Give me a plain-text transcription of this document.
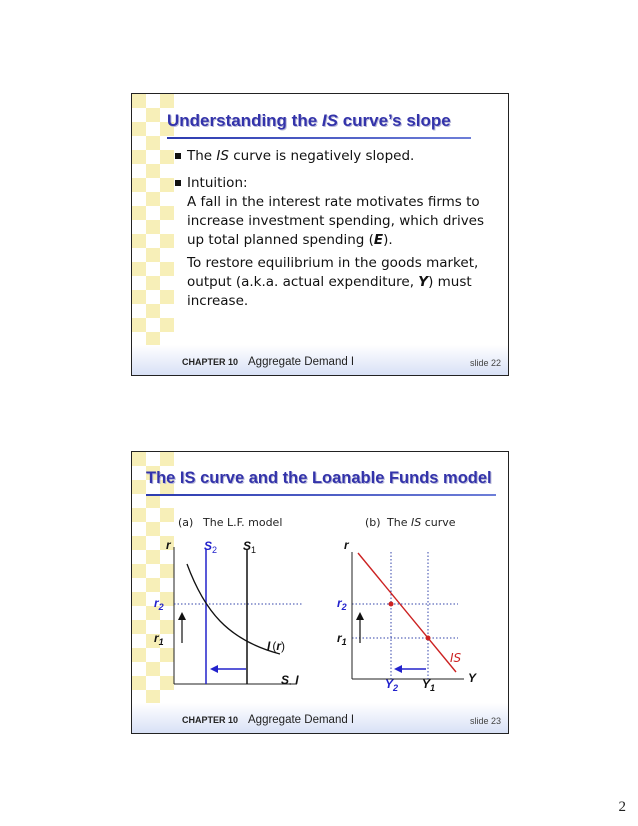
Understanding the IS curve’s slope
The IS curve is negatively sloped.
Intuition:
A fall in the interest rate motivates firms to
increase investment spending, which drives
up total planned spending (E).
To restore equilibrium in the goods market,
output (a.k.a. actual expenditure, Y) must
increase.
CHAPTER 10 Aggregate Demand I	slide 22
The IS curve and the Loanable Funds model
(a) The L.F. model
r	$S_2$ $S_1$
$r_2$
$r_1$	I (r)
S, I
(b) The IS curve
r
Y
$r_2$
$r_1$
IS
$Y_2$ $Y_1$
CHAPTER 10 Aggregate Demand I	slide 23
2
